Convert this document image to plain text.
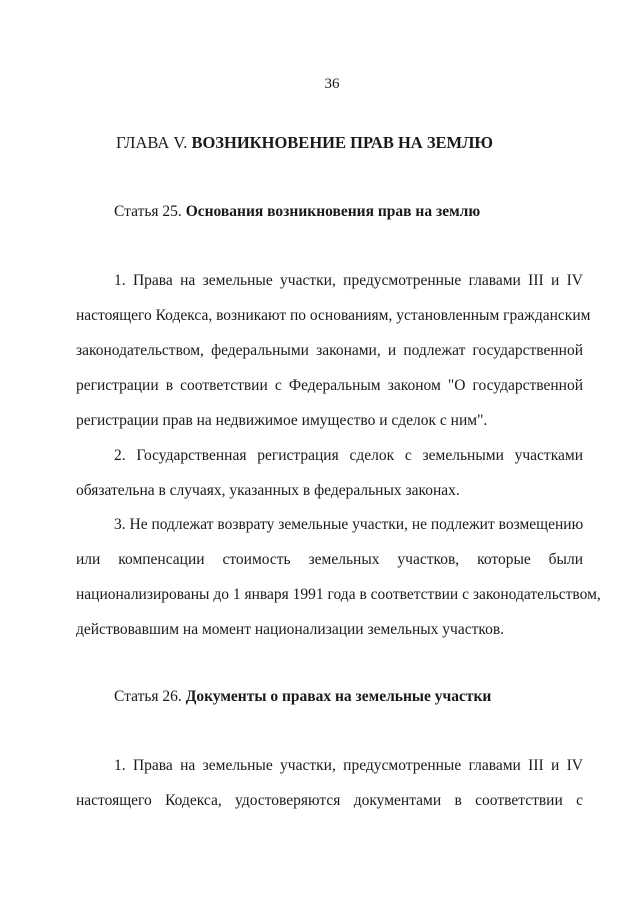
36
ГЛАВА V. ВОЗНИКНОВЕНИЕ ПРАВ НА ЗЕМЛЮ
Статья 25. Основания возникновения прав на землю
1. Права на земельные участки, предусмотренные главами III и IV
настоящего Кодекса, возникают по основаниям, установленным гражданским
законодательством, федеральными законами, и подлежат государственной
регистрации в соответствии с Федеральным законом "О государственной
регистрации прав на недвижимое имущество и сделок с ним".
2. Государственная регистрация сделок с земельными участками
обязательна в случаях, указанных в федеральных законах.
3. Не подлежат возврату земельные участки, не подлежит возмещению
или компенсации стоимость земельных участков, которые были
национализированы до 1 января 1991 года в соответствии с законодательством,
действовавшим на момент национализации земельных участков.
Статья 26. Документы о правах на земельные участки
1. Права на земельные участки, предусмотренные главами III и IV
настоящего Кодекса, удостоверяются документами в соответствии с
